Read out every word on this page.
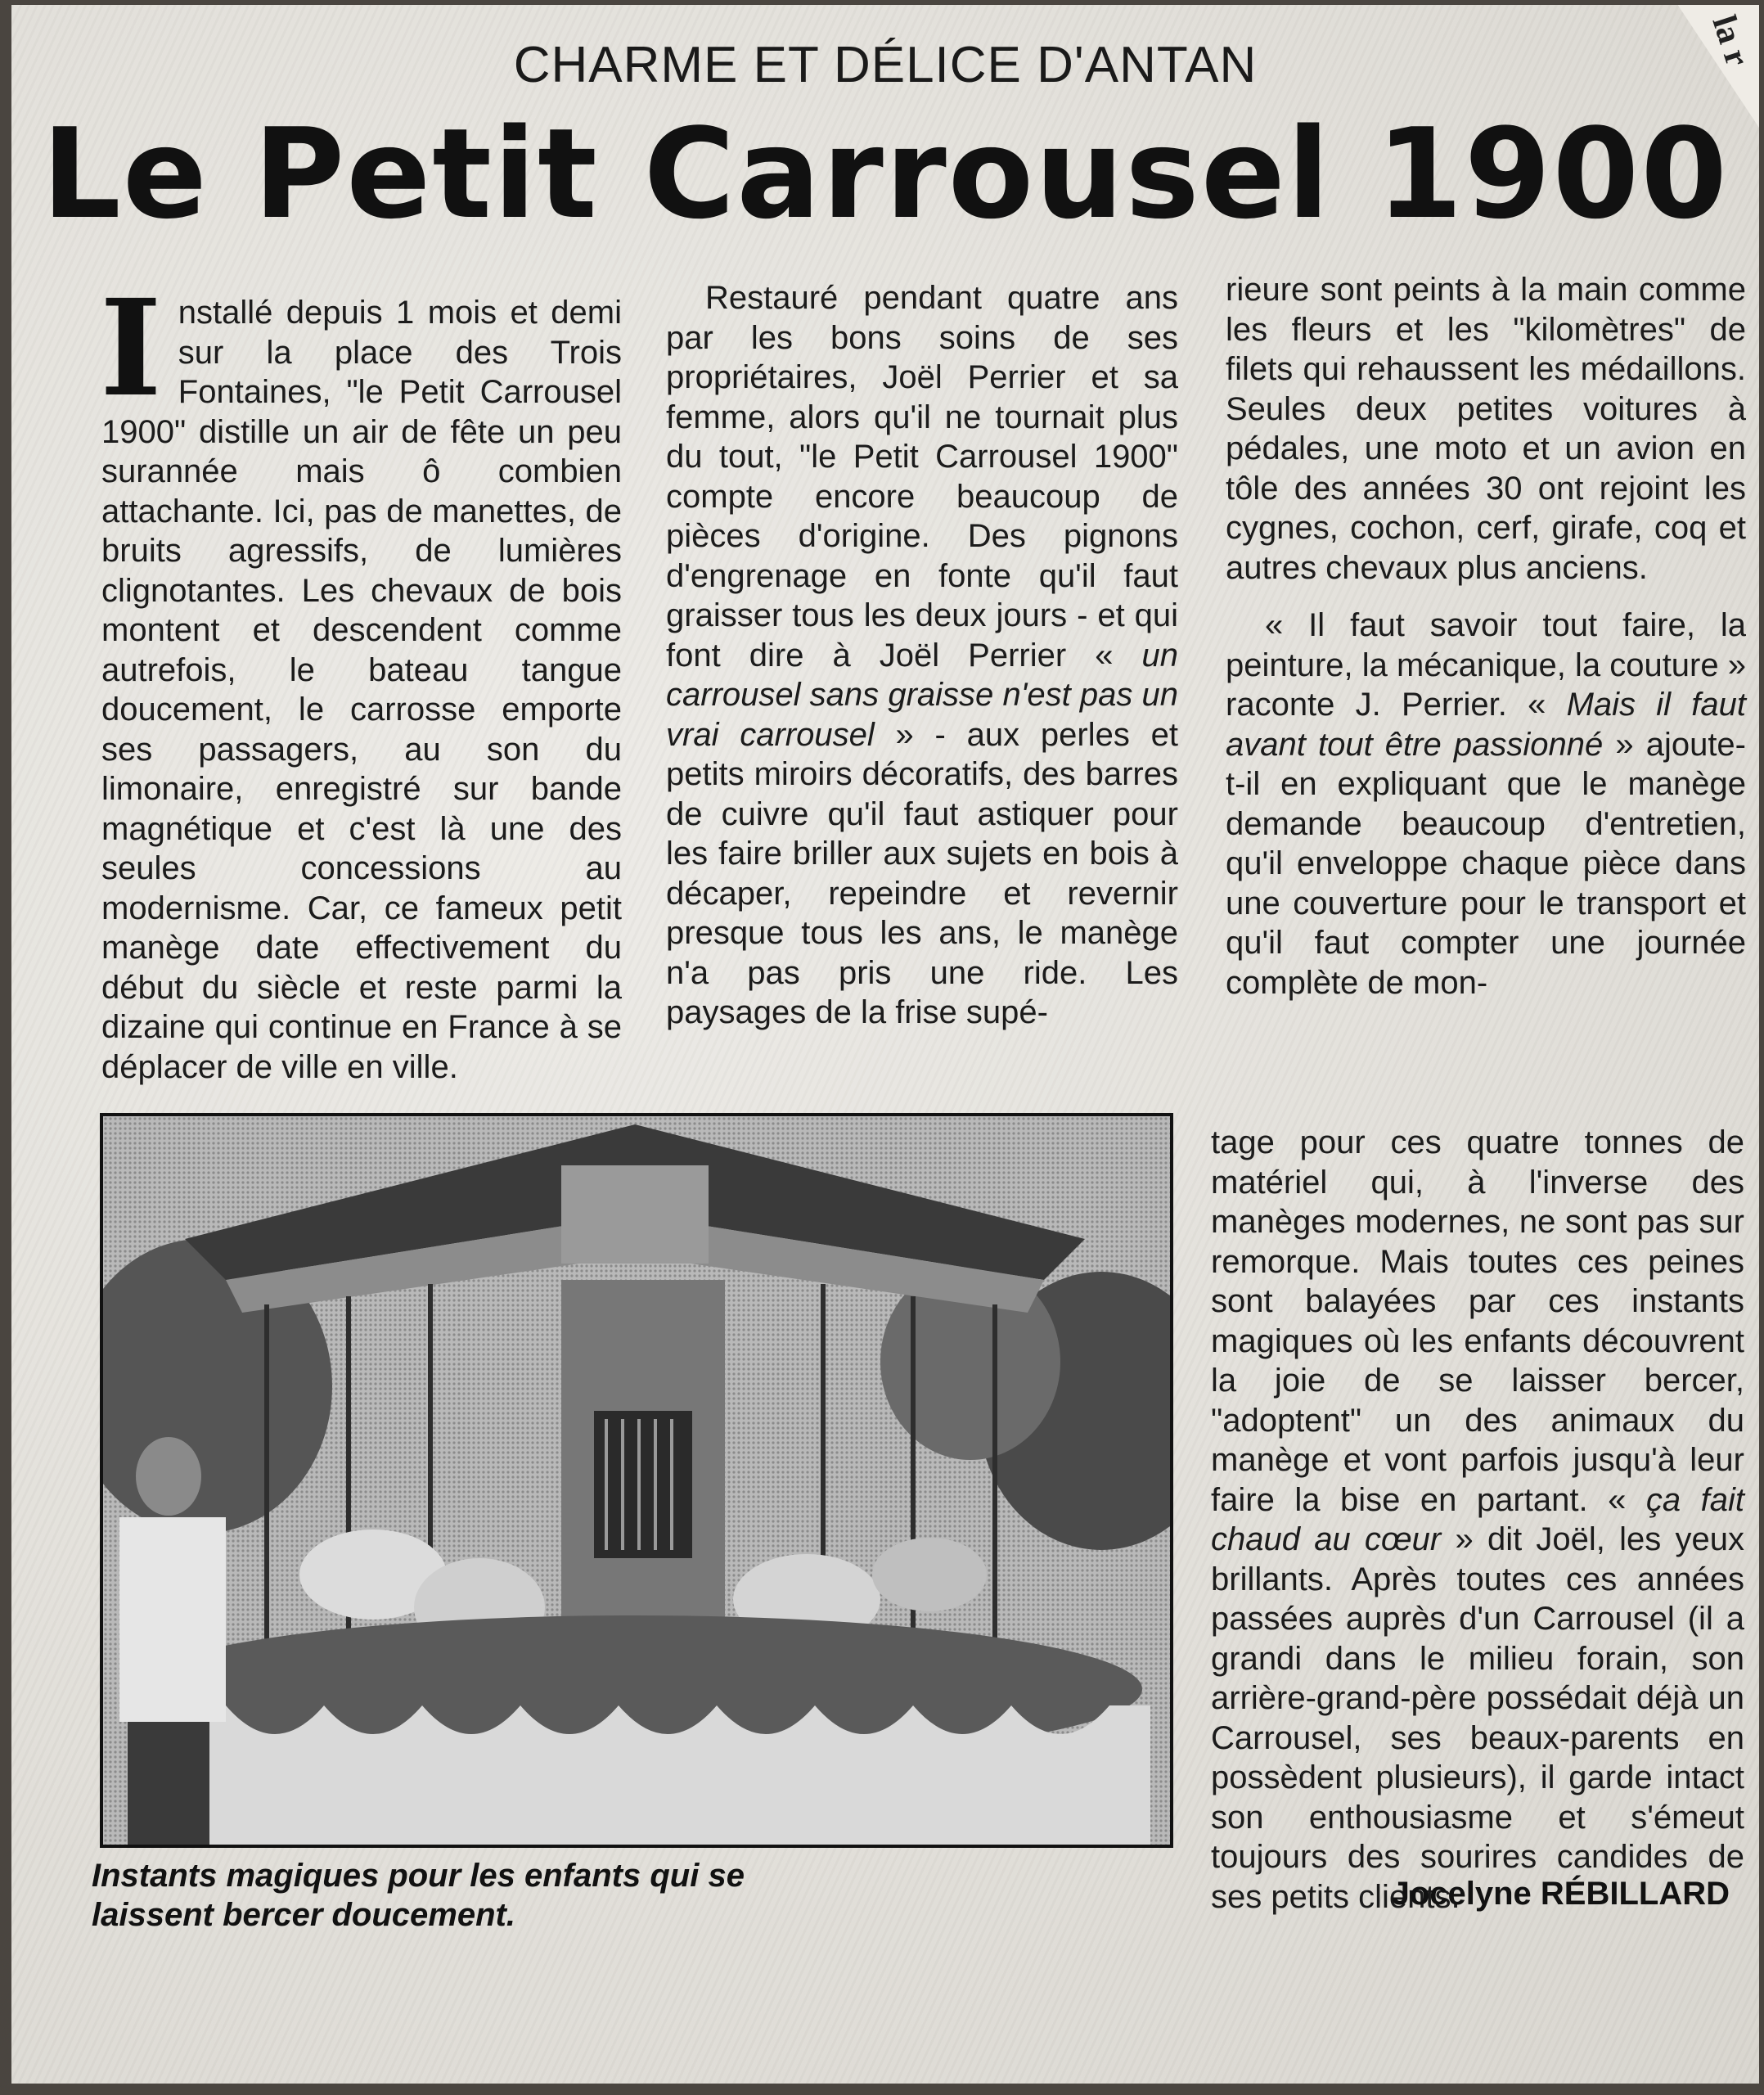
la r
CHARME ET DÉLICE D'ANTAN
Le Petit Carrousel 1900

Installé depuis 1 mois et demi sur la place des Trois Fontaines, "le Petit Carrousel 1900" distille un air de fête un peu surannée mais ô combien attachante. Ici, pas de manettes, de bruits agressifs, de lumières clignotantes. Les chevaux de bois montent et descendent comme autrefois, le bateau tangue doucement, le carrosse emporte ses passagers, au son du limonaire, enregistré sur bande magnétique et c'est là une des seules concessions au modernisme. Car, ce fameux petit manège date effectivement du début du siècle et reste parmi la dizaine qui continue en France à se déplacer de ville en ville.

Restauré pendant quatre ans par les bons soins de ses propriétaires, Joël Perrier et sa femme, alors qu'il ne tournait plus du tout, "le Petit Carrousel 1900" compte encore beaucoup de pièces d'origine. Des pignons d'engrenage en fonte qu'il faut graisser tous les deux jours - et qui font dire à Joël Perrier « un carrousel sans graisse n'est pas un vrai carrousel » - aux perles et petits miroirs décoratifs, des barres de cuivre qu'il faut astiquer pour les faire briller aux sujets en bois à décaper, repeindre et revernir presque tous les ans, le manège n'a pas pris une ride. Les paysages de la frise supé-

rieure sont peints à la main comme les fleurs et les "kilomètres" de filets qui rehaussent les médaillons. Seules deux petites voitures à pédales, une moto et un avion en tôle des années 30 ont rejoint les cygnes, cochon, cerf, girafe, coq et autres chevaux plus anciens.

« Il faut savoir tout faire, la peinture, la mécanique, la couture » raconte J. Perrier. « Mais il faut avant tout être passionné » ajoute-t-il en expliquant que le manège demande beaucoup d'entretien, qu'il enveloppe chaque pièce dans une couverture pour le transport et qu'il faut compter une journée complète de mon-

tage pour ces quatre tonnes de matériel qui, à l'inverse des manèges modernes, ne sont pas sur remorque. Mais toutes ces peines sont balayées par ces instants magiques où les enfants découvrent la joie de se laisser bercer, "adoptent" un des animaux du manège et vont parfois jusqu'à leur faire la bise en partant. « ça fait chaud au cœur » dit Joël, les yeux brillants. Après toutes ces années passées auprès d'un Carrousel (il a grandi dans le milieu forain, son arrière-grand-père possédait déjà un Carrousel, ses beaux-parents en possèdent plusieurs), il garde intact son enthousiasme et s'émeut toujours des sourires candides de ses petits clients.

Instants magiques pour les enfants qui se laissent bercer doucement.
Jocelyne RÉBILLARD
